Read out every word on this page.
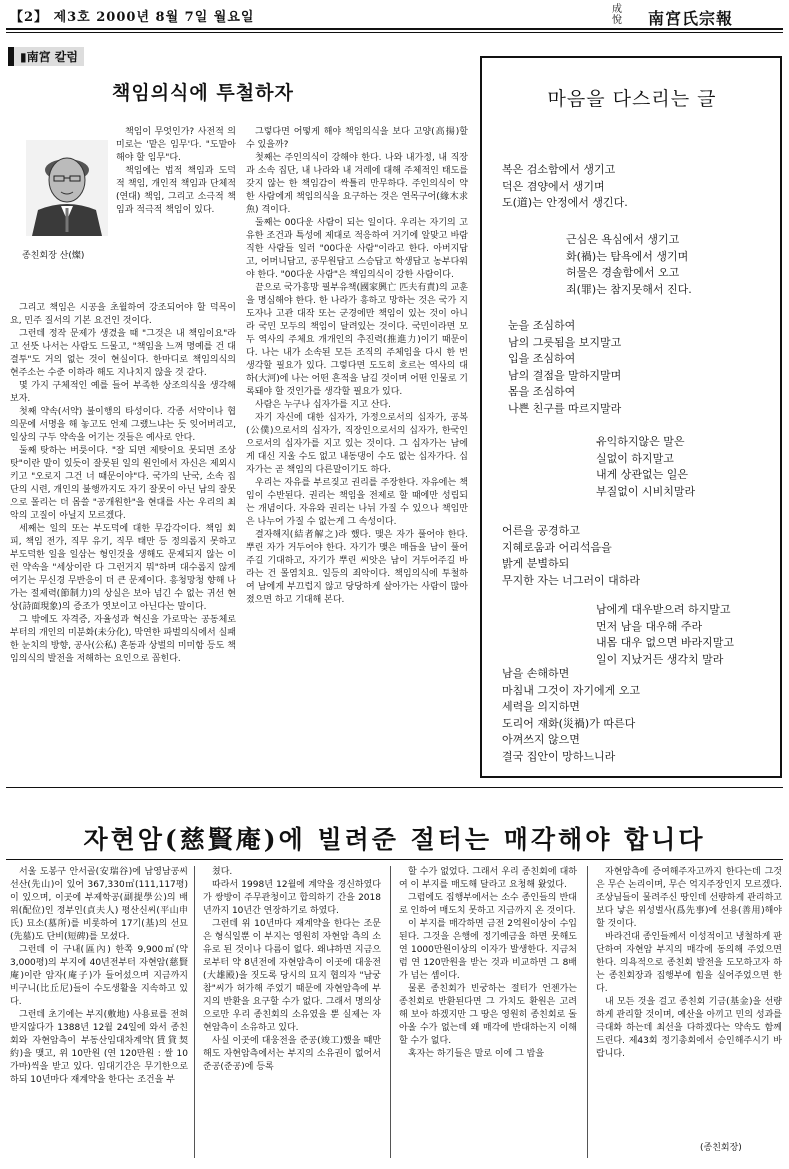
【2】 제3호 2000년 8월 7일 월요일
成悅	南宮氏宗報
▮南宮 칼럼
책임의식에 투철하자
종친회장 산(燦)

책임이 무엇인가? 사전적 의미로는 '맡은 임무'다. "도맡아 해야 할 임무"다.

책임에는 법적 책임과 도덕적 책임, 개인적 책임과 단체적 (연대) 책임, 그리고 소극적 책임과 적극적 책임이 있다.

그리고 책임은 시공을 초월하여 강조되어야 할 덕목이요, 민주 질서의 기본 요건인 것이다.

그런데 정작 문제가 생겼을 때 "그것은 내 책임이요"라고 선뜻 나서는 사람도 드물고, "책임을 느껴 명예를 건 대결투"도 거의 없는 것이 현실이다. 한마디로 책임의식의 현주소는 수준 이하라 해도 지나치지 않을 것 같다.

몇 가지 구체적인 예를 들어 부족한 상조의식을 생각해 보자.

첫째 약속(서약) 불이행의 타성이다. 각종 서약이나 협의문에 서명을 해 놓고도 언제 그랬느냐는 듯 잊어버리고, 일상의 구두 약속을 어기는 것들은 예사로 안다.

둘째 탓하는 버릇이다. "잘 되면 제탓이요 못되면 조상 탓"이란 말이 있듯이 잘못된 일의 원인에서 자신은 제외시키고 "오로지 그건 너 때문이야"다. 국가의 난국, 소속 집단의 시련, 개인의 불행까지도 자기 잘못이 아닌 남의 잘못으로 몰리는 더 몹쓸 "공개원한"을 현대를 사는 우리의 최악의 고질이 아닐지 모르겠다.

세째는 일의 또는 부도덕에 대한 무감각이다. 책임 회피, 책임 전가, 직무 유기, 직무 태만 등 정의롭지 못하고 부도덕한 일을 일삼는 형인것을 생해도 문제되지 않는 이런 약속을 "세상이란 다 그런거지 뭐"하며 대수롭지 않게 여기는 무신경 무반응이 더 큰 문제이다. 흥청망청 향해 나가는 절제력(節制力)의 상실은 보아 넘긴 수 없는 귀선 현상(詩面現象)의 증조가 엿보이고 아닌다는 말이다.

그 밖에도 자격증, 자율성과 혁신을 가로막는 공동체로부터의 개인의 미분화(未分化), 막연한 파벌의식에서 실패한 눈치의 방향, 공사(公私) 혼동과 상벌의 미미함 등도 책임의식의 발전을 저해하는 요인으로 꼽힌다.

그렇다면 어떻게 해야 책임의식을 보다 고양(高揚)할 수 있을까?

첫째는 주인의식이 강해야 한다. 나와 내가정, 내 직장과 소속 집단, 내 나라와 내 겨레에 대해 주체적인 태도를 갖지 않는 한 책임감이 싹틀리 만무하다. 주인의식이 약한 사람에게 책임의식을 요구하는 것은 연목구어(緣木求魚) 격이다.

둘째는 00다운 사람이 되는 일이다. 우리는 자기의 고유한 조건과 특성에 제대로 적응하여 거기에 알맞고 바람직한 사람들 일러 "00다운 사람"이라고 한다. 아버지답고, 어머니답고, 공무원답고 스승답고 학생답고 농부다워야 한다. "00다운 사람"은 책임의식이 강한 사람이다.

끝으로 국가흥망 필부유책(國家興亡 匹夫有責)의 교훈을 명심해야 한다. 한 나라가 흥하고 망하는 것은 국가 지도자나 고관 대작 또는 군경에만 책임이 있는 것이 아니라 국민 모두의 책임이 달려있는 것이다. 국민이라면 모두 역사의 주체요 개개인의 추진력(推進力)이기 때문이다. 나는 내가 소속된 모든 조직의 주체임을 다시 한 번 생각할 필요가 있다. 그렇다면 도도히 흐르는 역사의 대하(大河)에 나는 어떤 흔적을 남길 것이며 어떤 인물로 기록돼야 할 것인가를 생각할 필요가 있다.

사람은 누구나 십자가를 지고 산다.

자기 자신에 대한 십자가, 가정으로서의 십자가, 공복(公僕)으로서의 십자가, 직장인으로서의 십자가, 한국인으로서의 십자가를 지고 있는 것이다. 그 십자가는 남에게 대신 지울 수도 없고 내동댕이 수도 없는 십자가다. 십자가는 곧 책임의 다른말이기도 하다.

우리는 자유를 부르짖고 권리를 주장한다. 자유에는 책임이 수반된다. 권리는 책임을 전제로 할 때에만 성립되는 개념이다. 자유와 권리는 나뉘 가질 수 있으나 책임만은 나누어 가질 수 없는게 그 속성이다.

결자해지(結者解之)라 했다. 맺은 자가 풀어야 한다. 뿌린 자가 거두어야 한다. 자기가 맺은 매듭을 남이 풀어주길 기대하고, 자기가 뿌린 씨앗은 남이 거두어주길 바라는 건 몰염치요. 일등의 죄악이다. 책임의식에 투철하여 남에게 부끄럽지 않고 당당하게 살아가는 사람이 많아졌으면 하고 기대해 본다.

마음을 다스리는 글
복은 검소함에서 생기고
덕은 겸양에서 생기며
도(道)는 안정에서 생긴다.
근심은 욕심에서 생기고
화(禍)는 탐욕에서 생기며
허물은 경솔함에서 오고
죄(罪)는 참지못해서 진다.
눈을 조심하여
남의 그릇됨을 보지말고
입을 조심하여
남의 결점을 말하지말며
몸을 조심하여
나쁜 친구를 따르지말라
유익하지않은 말은
실없이 하지말고
내게 상관없는 일은
부질없이 시비치말라
어른을 공경하고
지혜로움과 어리석음을
밝게 분별하되
무지한 자는 너그러이 대하라
남에게 대우받으려 하지말고
먼저 남을 대우해 주라
내몸 대우 없으면 바라지말고
일이 지났거든 생각치 말라
남을 손해하면
마침내 그것이 자기에게 오고
세력을 의지하면
도리어 재화(災禍)가 따른다
아껴쓰지 않으면
결국 집안이 망하느니라
자현암(慈賢庵)에 빌려준 절터는 매각해야 합니다

서울 도봉구 안서골(安瑞谷)에 남영남공씨 선산(先山)이 있어 367,330㎡(111,117평)이 있으며, 이곳에 부제학공(副提學公)의 배위(配位)인 정부인(貞夫人) 평산신씨(平山申氏) 묘소(墓所)를 비롯하여 17기(基)의 선묘(先墓)도 단비(短碑)를 모셨다.

그런데 이 구내(區內) 한쪽 9,900㎡(약3,000평)의 부지에 40년전부터 자현암(慈賢庵)이란 암자(庵子)가 들어섰으며 지금까지 비구니(比丘尼)들이 수도생활을 지속하고 있다.

그런데 초기에는 부지(敷地) 사용료를 전혀 받지않다가 1388년 12월 24일에 와서 종친회와 자현암측이 부동산임대차계약(賃貸契約)을 맺고, 위 10만원 (연 120만원 : 쌀 10가마)씩을 받고 있다. 임대기간은 무기한으로 하되 10년마다 재계약을 한다는 조건을 부

쳤다.

따라서 1998년 12월에 계약을 경신하였다가 쌍방이 주무관청이고 합의하기 간을 2018년까지 10년간 연장하기로 하였다.

그런데 위 10년마다 재계약을 한다는 조문은 형식일뿐 이 부지는 영원히 자현암 측의 소유로 된 것이나 다름이 없다. 왜냐하면 지금으로부터 약 8년전에 자현암측이 이곳에 대웅전(大雄殿)을 짓도록 당시의 묘지 협의자 "남궁 참"씨가 허가해 주었기 때문에 자현암측에 부지의 반환을 요구할 수가 없다. 그래서 명의상으로만 우리 종친회의 소유였을 뿐 실제는 자현암측이 소유하고 있다.

사실 이곳에 대웅전을 준공(竣工)했을 때만 해도 자현암측에서는 부지의 소유권이 없어서 준공(준공)에 등록

할 수가 없었다. 그래서 우리 종친회에 대하여 이 부지를 매도해 달라고 요청해 왔었다.

그럼에도 집행부에서는 소수 종인들의 반대로 인하여 매도치 못하고 지금까지 온 것이다.

이 부지를 매각하면 금전 2억원이상이 수입된다. 그것을 은행에 정기예금을 하면 못해도 연 1000만원이상의 이자가 발생한다. 지금처럼 연 120만원을 받는 것과 비교하면 그 8배가 넘는 셈이다.

물론 종친회가 빈궁하는 절터가 언젠가는 종친회로 반환된다면 그 가치도 환원은 고려해 보아 하겠지만 그 땅은 영원히 종친회로 돌아올 수가 없는데 왜 매각에 반대하는지 이해할 수가 없다.

혹자는 하기들은 말로 이에 그 밥을

자현암측에 증여해주자고까지 한다는데 그것은 무슨 논리이며, 무슨 억지주장인지 모르겠다. 조상님들이 물려주신 땅인데 선량하게 관리하고 보다 낳은 위성벌사(爲先事)에 선용(善用)해야 할 것이다.

바라건대 종인들께서 이성적이고 냉철하게 판단하여 자현암 부지의 매각에 동의해 주었으면 한다. 의욕적으로 종친회 발전을 도모하고자 하는 종친회장과 집행부에 힘을 실어주었으면 한다.

내 모든 것을 걸고 종친회 기금(基金)을 선량하게 관리할 것이며, 예산을 아끼고 민의 성과를 극대화 하는데 최선을 다하겠다는 약속도 함께 드린다. 제43회 정기총회에서 승인해주시기 바랍니다.

(종친회장)
